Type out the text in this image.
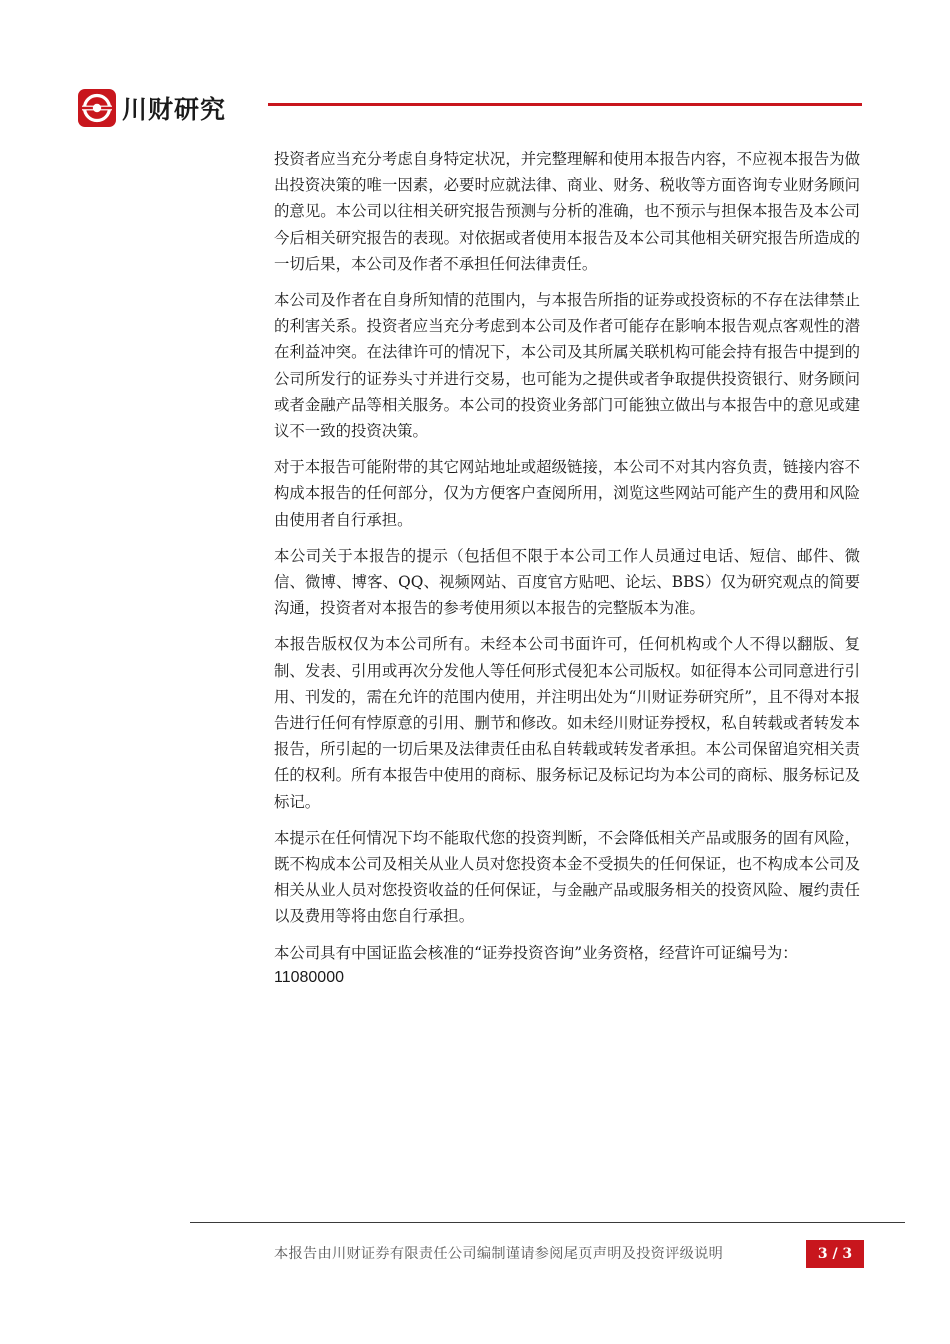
川财研究

投资者应当充分考虑自身特定状况，并完整理解和使用本报告内容，不应视本报告为做出投资决策的唯一因素，必要时应就法律、商业、财务、税收等方面咨询专业财务顾问的意见。本公司以往相关研究报告预测与分析的准确，也不预示与担保本报告及本公司今后相关研究报告的表现。对依据或者使用本报告及本公司其他相关研究报告所造成的一切后果，本公司及作者不承担任何法律责任。

本公司及作者在自身所知情的范围内，与本报告所指的证券或投资标的不存在法律禁止的利害关系。投资者应当充分考虑到本公司及作者可能存在影响本报告观点客观性的潜在利益冲突。在法律许可的情况下，本公司及其所属关联机构可能会持有报告中提到的公司所发行的证券头寸并进行交易，也可能为之提供或者争取提供投资银行、财务顾问或者金融产品等相关服务。本公司的投资业务部门可能独立做出与本报告中的意见或建议不一致的投资决策。

对于本报告可能附带的其它网站地址或超级链接，本公司不对其内容负责，链接内容不构成本报告的任何部分，仅为方便客户查阅所用，浏览这些网站可能产生的费用和风险由使用者自行承担。

本公司关于本报告的提示（包括但不限于本公司工作人员通过电话、短信、邮件、微信、微博、博客、QQ、视频网站、百度官方贴吧、论坛、BBS）仅为研究观点的简要沟通，投资者对本报告的参考使用须以本报告的完整版本为准。

本报告版权仅为本公司所有。未经本公司书面许可，任何机构或个人不得以翻版、复制、发表、引用或再次分发他人等任何形式侵犯本公司版权。如征得本公司同意进行引用、刊发的，需在允许的范围内使用，并注明出处为“川财证券研究所”，且不得对本报告进行任何有悖原意的引用、删节和修改。如未经川财证券授权，私自转载或者转发本报告，所引起的一切后果及法律责任由私自转载或转发者承担。本公司保留追究相关责任的权利。所有本报告中使用的商标、服务标记及标记均为本公司的商标、服务标记及标记。

本提示在任何情况下均不能取代您的投资判断，不会降低相关产品或服务的固有风险，既不构成本公司及相关从业人员对您投资本金不受损失的任何保证，也不构成本公司及相关从业人员对您投资收益的任何保证，与金融产品或服务相关的投资风险、履约责任以及费用等将由您自行承担。

本公司具有中国证监会核准的“证券投资咨询”业务资格，经营许可证编号为：

11080000

本报告由川财证券有限责任公司编制谨请参阅尾页声明及投资评级说明	3 / 3
